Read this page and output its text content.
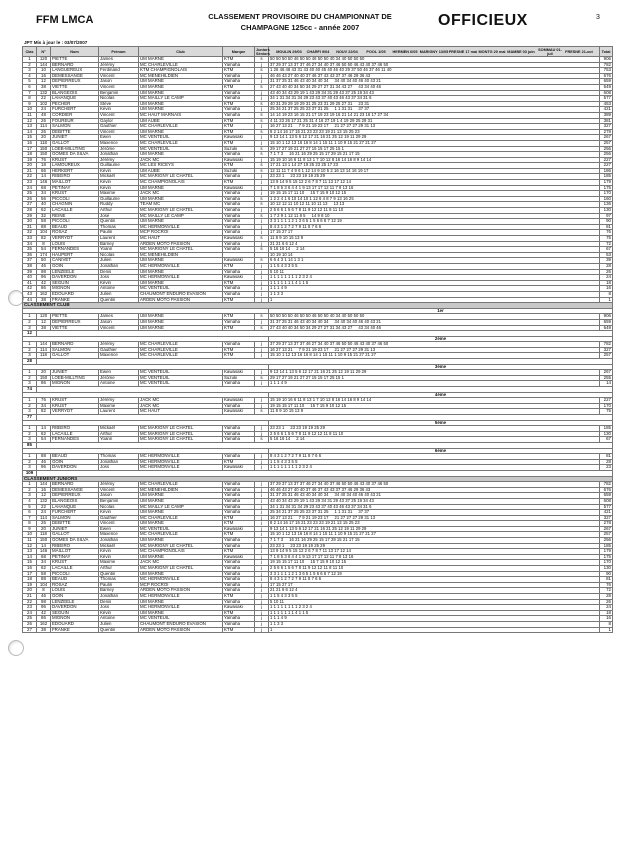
FFM LMCA	CLASSEMENT PROVISOIRE DU CHAMPIONNAT DE
CHAMPAGNE 125cc - année 2007	OFFICIEUX	3
JPT Mis à jour le : 03/07/2007
Clas	N°	Nom	Prénom	Club	Marque	Juniors Séniors	MOULIN 29/03 CHARFI 9/04 NOUV 22/04 POOL 1/05 HERMEN 6/05 MARIGNY 13/05FRESNE 17 maiMONTG 20 mai MAMBE 03 juin SOMMAU 01-juil FRESNE 21-oct	Total
1	120	PIETTE	James	UM MARNE	KTM	s	50 50 50 50 46 50 50 46 50 50 40 34 40 50 50 50	906
2	144	BERNARD	Jérémy	MC CHARLEVILLE	Yamaha	j	37 29 37 13 37 37 46 27 34 40 37 46 50 50 46 43 40 37 46 50	782
3	10	LANGUEREUX	Ferdinand	KTM CHAMPIGNOLAIS	KTM	s	1 26 46 46 43 31 43 40 40 45 40 46 40 29 37 50 46 37 46 11 40	753
4	16	DEMESSANGE	Vincent	MC MENEHILDIEN	Yamaha	j	46 46 43 27 40 40 37 46 37 43 43 37 37 46 29 36 43	676
5	12	DEPIERREUX	Jason	UM MARNE	Yamaha	j	31 37 25 31 46 43 40 34 40 34 34 40 34 40 46 40 43 21	659
6	38	VIETTE	Vincent	UM MARNE	KTM	s	27 43 40 40 34 50 34 29 27 27 31 34 43 27 43 34 40 46	649
7	132	BLANGEOIS	Benjamin	UM MARNE	Yamaha	j	43 40 34 43 29 19 1 43 29 34 31 29 43 37 25 19 34 43	608
8	22	LAHANQUE	Nicolas	MC MAILLY LE CAMP	Yamaha	j	34 1 31 34 31 34 29 23 43 37 40 43 46 43 37 34 31 6	577
9	102	PECHER	Stève	UM MARNE	KTM	s	40 31 29 29 19 29 31 25 23 31 29 25 27 31 23 31	453
10	24	FURCHERT	Kévin	UM MARNE	Yamaha	j	25 34 21 37 25 25 23 37 31 25 1 1 31 31 37 37	421
11	48	CORDIER	Vincent	MC HAUT MARNAIS	Yamaha	s	14 14 19 23 16 15 21 17 19 23 19 16 21 14 21 23 16 17 27 34	389
12	26	FOUREUR	Gaylor	UM AUBE	KTM	s	4 11 23 26 17 21 25 31 4 16 27 19 1 4 19 29 25 29 31	381
13	114	SALMON	Gauthier	MC CHARLEVILLE	KTM	j	16 27 13 21 7 9 21 19 23 17 21 27 27 27 29 31 13	327
14	26	DEBITTE	Vincent	UM MARNE	KTM	s	8 2 14 16 17 15 21 23 23 23 19 21 13 15 25 23	278
15	20	JUNIET	Ewen	MC VENTEUIL	Kawasaki	j	9 13 14 1 13 5 6 12 17 21 16 21 25 12 19 11 29 29	267
16	118	GALLOT	Maxence	MC CHARLEVILLE	KTM	j	15 10 1 12 13 16 16 8 14 1 15 11 1 10 9 15 21 27 21 27	257
17	150	LOEB-MILLTING	Jérôme	MC VENTEUIL	Suzuki	s	29 17 27 19 21 27 27 15 15 17 25 15 1	256
18	150	GOMES DA SILVA	Jonathan	UM MARNE	Yamaha	s	7 1 7 3 16 21 16 29 25 15 17 29 15 21 17 15	256
19	76	KRUST	Jérémy	JACK MC	Kawasaki	j	15 19 10 16 6 11 8 13 1 7 10 12 8 16 14 16 8 9 14 14	227
20	18	LAMOUREUX	Guillaume	MC LES RICEYS	KTM	s	17 21 13 1 14 27 19 25 23 25 17 23	227
21	66	HERKERT	Kévin	UM AUBE	Suzuki	s	12 11 11 7 4 9 6 1 12 14 9 10 5 2 16 13 14 16 19 17	186
22	14	RIBEIRO	Mickaël	MC MARIGNY LE CHATEL	Yamaha	j	23 23 1 23 23 19 19 25 29	185
23	146	MAILLOT	Kévin	MC CHAMPIGNOLAIS	KTM	j	13 9 14 9 5 15 12 2 6 7 8 7 11 13 17 12 14	179
24	68	PETINAY	Kévin	UM MARNE	Kawasaki	j	7 1 8 5 3 6 4 4 1 9 13 17 17 12 11 7 8 13 16	175
25	34	KRUST	Maxime	JACK MC	Yamaha	j	19 15 15 17 11 10 15 7 15 9 10 12 15	170
26	56	PICCOLI	Guillaume	UM MARNE	Yamaha	s	1 2 2 4 1 6 10 14 10 1 12 6 4 8 7 9 13 16 25	160
27	40	CHAGNIN	Ruddy	TEAM MC	Yamaha	s	10 12 12 11 10 12 11 10 11 13 13 13	136
28	62	LACAILLE	Arthur	MC MARIGNY LE CHATEL	Yamaha	j	2 5 6 6 1 5 6 7 8 11 9 12 12 11 8 11 10	130
29	32	REINE	José	MC MAILLY LE CAMP	Yamaha	s	1 7 2 9 1 12 11 8 5 14 9 8 10	97
30	58	PICCOLI	Quentin	UM MARNE	Yamaha	j	3 3 1 1 1 1 2 1 3 6 5 1 5 6 6 6 7 12 19	90
31	88	BEAUD	Thomas	MC HERMONVILLE	Yamaha	j	8 4 3 1 2 7 2 7 9 11 8 7 6 6	81
32	104	ROSAZ	Paulin	MCP ROCROI	Yamaha	j	17 15 27 17	76
33	82	VERRYDT	Laurent	MC HAUT	Kawasaki	s	11 8 9 10 15 13 9	75
34	8	LOUIS	Barney	ARDEN MOTO PASSION	Yamaha	j	21 21 6 6 12 4	72
35	54	FERNANDES	Yoann	MC MARIGNY LE CHATEL	Yamaha	s	5 16 16 14 2 14	67
36	174	HAUPERT	Nicolas	MC MENEHILDIEN			10 19 10 14	53
37	50	CANIVET	Julien	UM MARNE	Kawasaki	s	6 6 4 3 1 14 1 3 1	39
38	46	GOIN	Jonathan	MC HERMONVILLE	KTM	j	1 1 5 4 3 3 5 5	28
39	98	LENZEELE	Denis	UM MARNE	Yamaha	j	5 10 11	26
40	96	DAVERDON	Joss	MC HERMONVILLE	Kawasaki	j	1 1 1 1 1 1 1 1 2 3 2 4	24
41	42	SEGUIN	Kévin	UM MARNE	KTM	j	1 1 1 1 1 1 1 4 1 1 5	18
42	86	MIGNON	Antoine	MC VENTEUIL	Yamaha	j	1 1 1 4 9	16
43	162	EDOUARD	Julien	CHAUMONT ENDURO EVASION	Yamaha	j	1 1 3 3	8
44	38	FRANKE	Quentin	ARDEN MOTO PASSION	KTM	j	1	1
CLASSEMENT CLUB								
							1er	
1	120	PIETTE	James	UM MARNE	KTM	s	50 50 50 50 46 50 50 46 50 50 40 34 40 50 50 50	906
2	12	DEPIERREUX	Jason	UM MARNE	Yamaha	j	31 37 25 31 46 43 40 34 40 34 34 40 34 40 46 40 43 21	659
3	38	VIETTE	Vincent	UM MARNE	KTM	s	27 43 40 40 34 50 34 29 27 27 31 34 43 27 43 34 40 46	649
12								
							2ème	
1	144	BERNARD	Jérémy	MC CHARLEVILLE	Yamaha	j	37 29 37 13 37 37 46 27 34 40 37 46 50 50 46 43 40 37 46 50	782
2	114	SALMON	Gauthier	MC CHARLEVILLE	KTM	j	16 27 13 21 7 9 21 19 23 17 21 27 27 27 29 31 13	327
3	118	GALLOT	Maxence	MC CHARLEVILLE	KTM	j	15 10 1 12 13 16 16 8 14 1 15 11 1 10 9 15 21 27 21 27	257
28								
							3ème	
1	20	JUNIET	Ewen	MC VENTEUIL	Kawasaki	j	9 13 14 1 13 5 6 12 17 21 16 21 25 12 19 11 29 29	267
2	150	LOEB-MILLTING	Jérôme	MC VENTEUIL	Suzuki	s	29 17 27 19 21 27 27 15 15 17 25 15 1	255
3	86	MIGNON	Antoine	MC VENTEUIL	Yamaha	j	1 1 1 4 9	14
74								
							4ème	
1	76	KRUST	Jérémy	JACK MC	Kawasaki	j	15 19 10 16 6 11 8 13 1 7 10 12 8 16 14 16 8 9 14 14	227
2	34	KRUST	Maxime	JACK MC	Yamaha	j	19 15 15 17 11 10 15 7 15 9 10 12 15	170
3	82	VERRYDT	Laurent	MC HAUT	Kawasaki	s	11 8 9 10 15 13 9	75
77								
							5ème	
1	14	RIBEIRO	Mickaël	MC MARIGNY LE CHATEL	Yamaha	j	23 23 1 23 23 19 19 25 29	185
2	62	LACAILLE	Arthur	MC MARIGNY LE CHATEL	Yamaha	j	2 5 6 6 1 5 6 7 8 11 9 12 12 11 8 11 10	130
3	54	FERNANDES	Yoann	MC MARIGNY LE CHATEL	Yamaha	s	5 16 16 14 2 14	67
85								
							6ème	
1	88	BEAUD	Thomas	MC HERMONVILLE	Yamaha	j	8 4 3 1 2 7 2 7 9 11 8 7 6 6	81
2	46	GOIN	Jonathan	MC HERMONVILLE	KTM	j	1 1 5 4 3 3 5 5	28
3	96	DAVERDON	Joss	MC HERMONVILLE	Kawasaki	j	1 1 1 1 1 1 1 1 2 3 2 4	23
109								
CLASSEMENT JUNIORS								
1	144	BERNARD	Jérémy	MC CHARLEVILLE	Yamaha	j	37 29 37 13 37 37 46 27 34 40 37 46 50 50 46 43 40 37 46 50	782
2	16	DEMESSANGE	Vincent	MC MENEHILDIEN	Yamaha	j	46 46 43 27 40 40 37 46 37 43 43 37 37 46 29 36 43	676
3	12	DEPIERREUX	Jason	UM MARNE	Yamaha	j	31 37 25 31 46 43 40 34 40 34 34 40 34 40 46 40 43 21	659
4	132	BLANGEOIS	Benjamin	UM MARNE	Yamaha	j	43 40 34 43 29 19 1 43 29 34 31 29 43 37 25 19 34 43	608
5	22	LAHANQUE	Nicolas	MC MAILLY LE CAMP	Yamaha	j	34 1 31 34 31 34 29 23 43 37 40 43 46 43 37 34 31 6	577
6	24	FURCHERT	Kévin	UM MARNE	Yamaha	j	25 34 21 37 25 25 23 37 31 25 1 1 31 31 37 37	421
7	114	SALMON	Gauthier	MC CHARLEVILLE	KTM	j	16 27 13 21 7 9 21 19 23 17 21 27 27 27 29 31 13	327
8	26	DEBITTE	Vincent	UM MARNE	KTM	j	8 2 14 16 17 15 21 23 23 23 19 21 13 15 25 23	278
9	20	JUNIET	Ewen	MC VENTEUIL	Kawasaki	j	9 13 14 1 13 5 6 12 17 21 16 21 25 12 19 11 29 29	267
10	118	GALLOT	Maxence	MC CHARLEVILLE	KTM	j	15 10 1 12 13 16 16 8 14 1 15 11 1 10 9 15 21 27 21 27	257
11	150	GOMES DA SILVA	Jonathan	UM MARNE	Yamaha	j	7 1 7 3 16 21 16 29 25 15 17 29 15 21 17 15	256
12	14	RIBEIRO	Mickaël	MC MARIGNY LE CHATEL	Yamaha	j	23 23 1 23 23 19 19 25 29	185
13	146	MAILLOT	Kévin	MC CHAMPIGNOLAIS	KTM	j	13 9 14 9 5 15 12 2 6 7 8 7 11 13 17 12 14	179
14	68	PETINAY	Kévin	UM MARNE	Kawasaki	j	7 1 8 5 3 6 4 4 1 9 13 17 17 12 11 7 8 13 16	175
15	34	KRUST	Maxime	JACK MC	Yamaha	j	19 15 15 17 11 10 15 7 15 9 10 12 15	170
16	62	LACAILLE	Arthur	MC MARIGNY LE CHATEL	Yamaha	j	2 5 6 6 1 5 6 7 8 11 9 12 12 11 8 11 10	130
17	58	PICCOLI	Quentin	UM MARNE	Yamaha	j	3 3 1 1 1 1 2 1 3 6 5 1 5 6 6 6 7 12 19	90
18	88	BEAUD	Thomas	MC HERMONVILLE	Yamaha	j	8 4 3 1 2 7 2 7 9 11 8 7 6 6	81
19	104	ROSAZ	Paulin	MCP ROCROI	Yamaha	j	17 15 27 17	76
20	8	LOUIS	Barney	ARDEN MOTO PASSION	Yamaha	j	21 21 6 6 12 4	72
21	46	GOIN	Jonathan	MC HERMONVILLE	KTM	j	1 1 5 4 3 3 5 5	28
22	98	LENZEELE	Denis	UM MARNE	Yamaha	j	5 10 11	26
23	96	DAVERDON	Joss	MC HERMONVILLE	Kawasaki	j	1 1 1 1 1 1 1 1 2 3 2 4	24
24	42	SEGUIN	Kévin	UM MARNE	KTM	j	1 1 1 1 1 1 1 4 1 1 5	18
25	86	MIGNON	Antoine	MC VENTEUIL	Yamaha	j	1 1 1 4 9	16
26	162	EDOUARD	Julien	CHAUMONT ENDURO EVASION	Yamaha	j	1 1 3 3	8
27	38	FRANKE	Quentin	ARDEN MOTO PASSION	KTM	j	1	1
